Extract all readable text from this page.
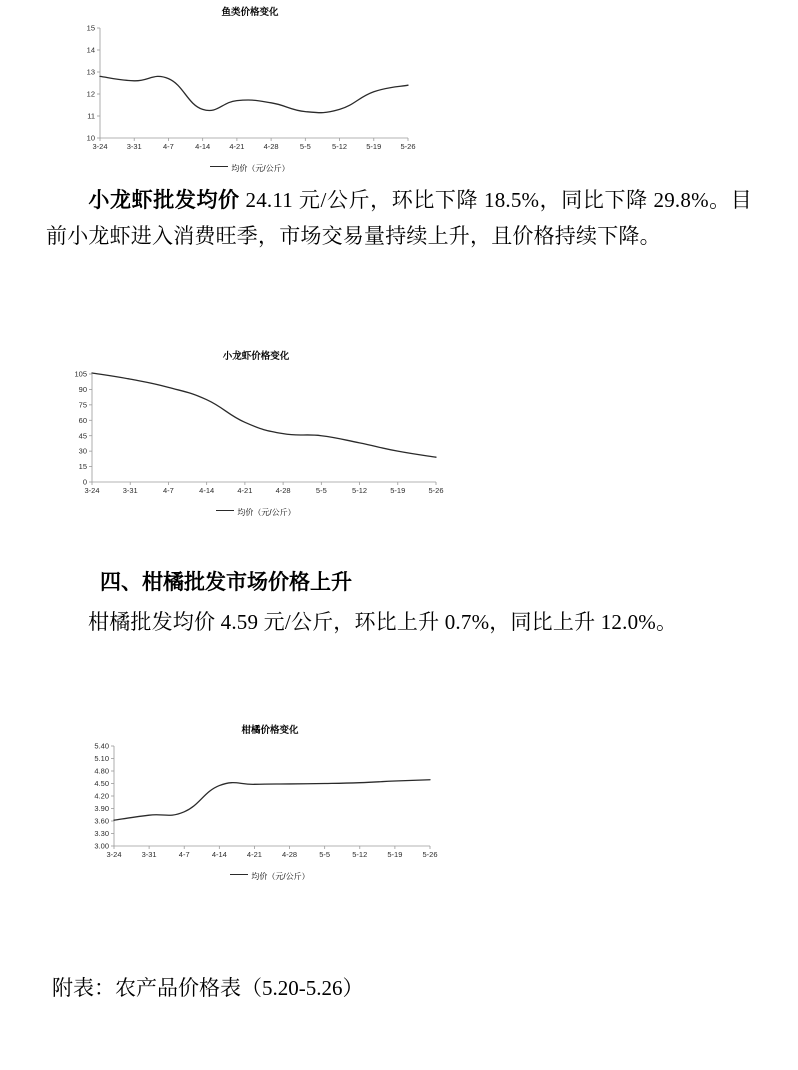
鱼类价格变化
10
11
12
13
14
15
3-24	3-31	4-7	4-14	4-21	4-28	5-5	5-12	5-19	5-26
均价（元/公斤）
小龙虾批发均价 24.11 元/公斤，环比下降 18.5%，同比下降 29.8%。目前小龙虾进入消费旺季，市场交易量持续上升，且价格持续下降。
小龙虾价格变化
0
15
30
45
60
75
90
105
3-24	3-31	4-7	4-14	4-21	4-28	5-5	5-12	5-19	5-26
均价（元/公斤）
四、柑橘批发市场价格上升
柑橘批发均价 4.59 元/公斤，环比上升 0.7%，同比上升 12.0%。
柑橘价格变化
3.00
3.30
3.60
3.90
4.20
4.50
4.80
5.10
5.40
3-24	3-31	4-7	4-14	4-21	4-28	5-5	5-12	5-19	5-26
均价（元/公斤）
附表：农产品价格表（5.20-5.26）
